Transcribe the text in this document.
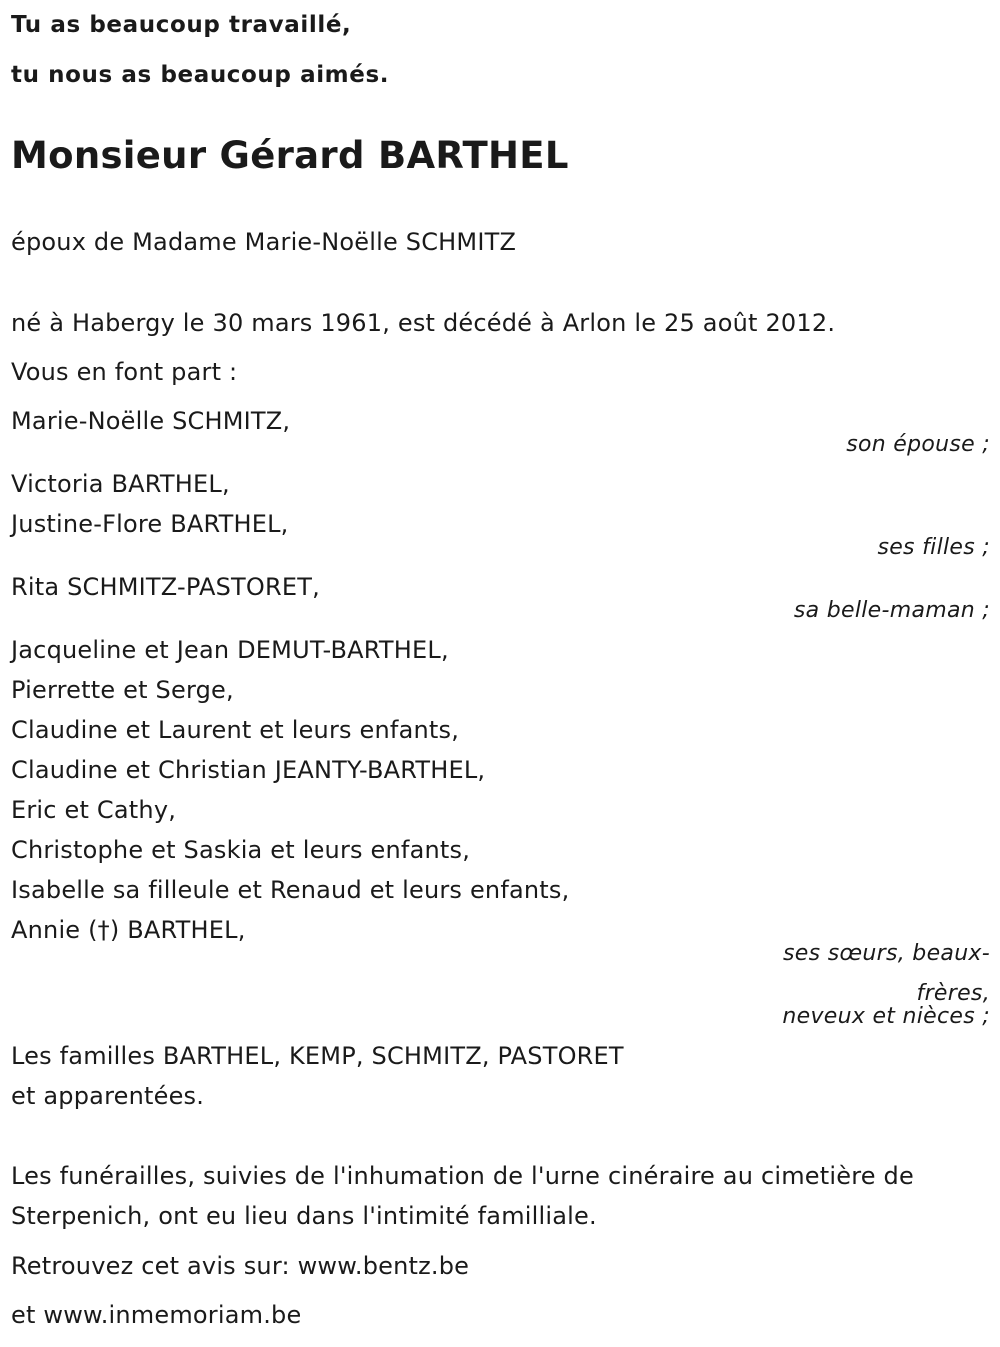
Tu as beaucoup travaillé,
tu nous as beaucoup aimés.
Monsieur Gérard BARTHEL
époux de Madame Marie-Noëlle SCHMITZ
né à Habergy le 30 mars 1961, est décédé à Arlon le 25 août 2012.
Vous en font part :
Marie-Noëlle SCHMITZ,
son épouse ;
Victoria BARTHEL,
Justine-Flore BARTHEL,
ses filles ;
Rita SCHMITZ-PASTORET,
sa belle-maman ;
Jacqueline et Jean DEMUT-BARTHEL,
Pierrette et Serge,
Claudine et Laurent et leurs enfants,
Claudine et Christian JEANTY-BARTHEL,
Eric et Cathy,
Christophe et Saskia et leurs enfants,
Isabelle sa filleule et Renaud et leurs enfants,
Annie (†) BARTHEL,
ses sœurs, beaux-
frères,
neveux et nièces ;
Les familles BARTHEL, KEMP, SCHMITZ, PASTORET
et apparentées.
Les funérailles, suivies de l'inhumation de l'urne cinéraire au cimetière de
Sterpenich, ont eu lieu dans l'intimité familliale.
Retrouvez cet avis sur: www.bentz.be
et www.inmemoriam.be
